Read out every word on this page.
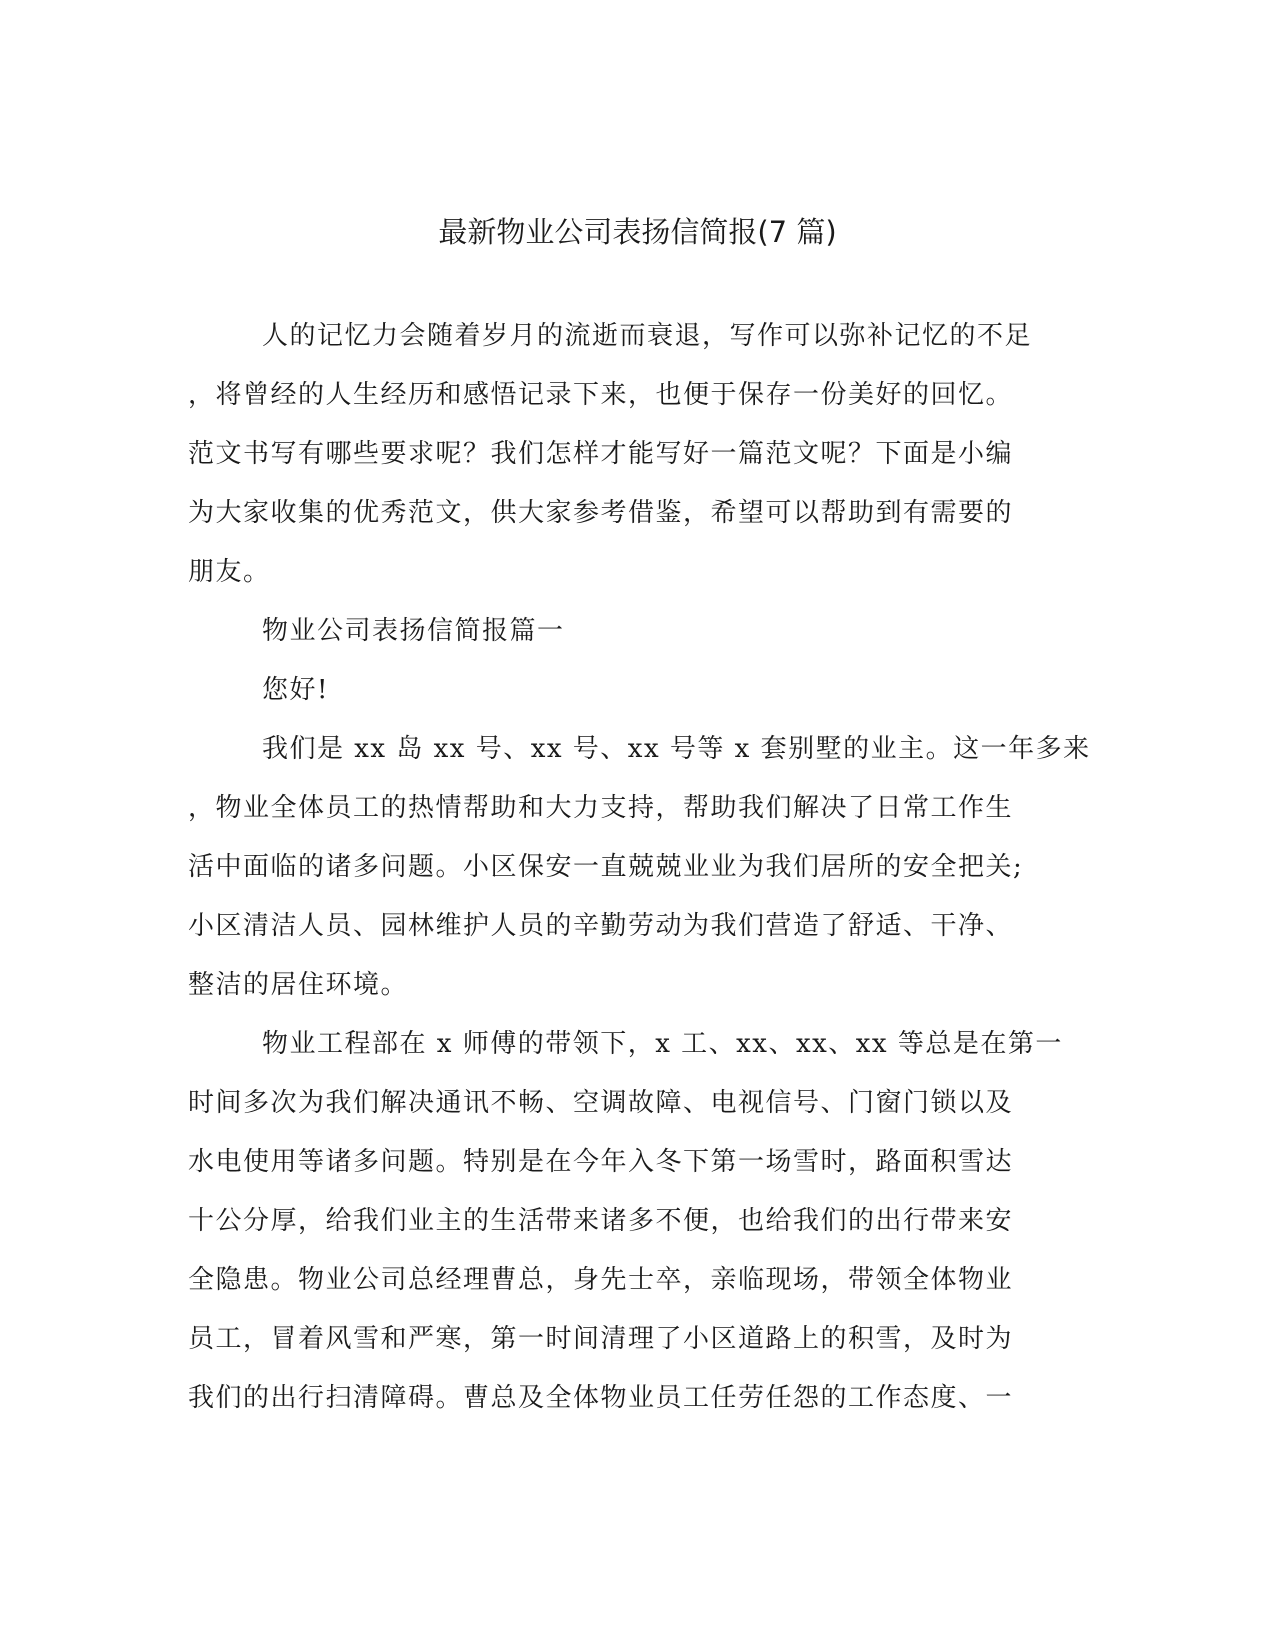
最新物业公司表扬信简报(7 篇)
人的记忆力会随着岁月的流逝而衰退，写作可以弥补记忆的不足
，将曾经的人生经历和感悟记录下来，也便于保存一份美好的回忆。
范文书写有哪些要求呢？我们怎样才能写好一篇范文呢？下面是小编
为大家收集的优秀范文，供大家参考借鉴，希望可以帮助到有需要的
朋友。
物业公司表扬信简报篇一
您好!
我们是 xx 岛 xx 号、xx 号、xx 号等 x 套别墅的业主。这一年多来
，物业全体员工的热情帮助和大力支持，帮助我们解决了日常工作生
活中面临的诸多问题。小区保安一直兢兢业业为我们居所的安全把关;
小区清洁人员、园林维护人员的辛勤劳动为我们营造了舒适、干净、
整洁的居住环境。
物业工程部在 x 师傅的带领下，x 工、xx、xx、xx 等总是在第一
时间多次为我们解决通讯不畅、空调故障、电视信号、门窗门锁以及
水电使用等诸多问题。特别是在今年入冬下第一场雪时，路面积雪达
十公分厚，给我们业主的生活带来诸多不便，也给我们的出行带来安
全隐患。物业公司总经理曹总，身先士卒，亲临现场，带领全体物业
员工，冒着风雪和严寒，第一时间清理了小区道路上的积雪，及时为
我们的出行扫清障碍。曹总及全体物业员工任劳任怨的工作态度、一
